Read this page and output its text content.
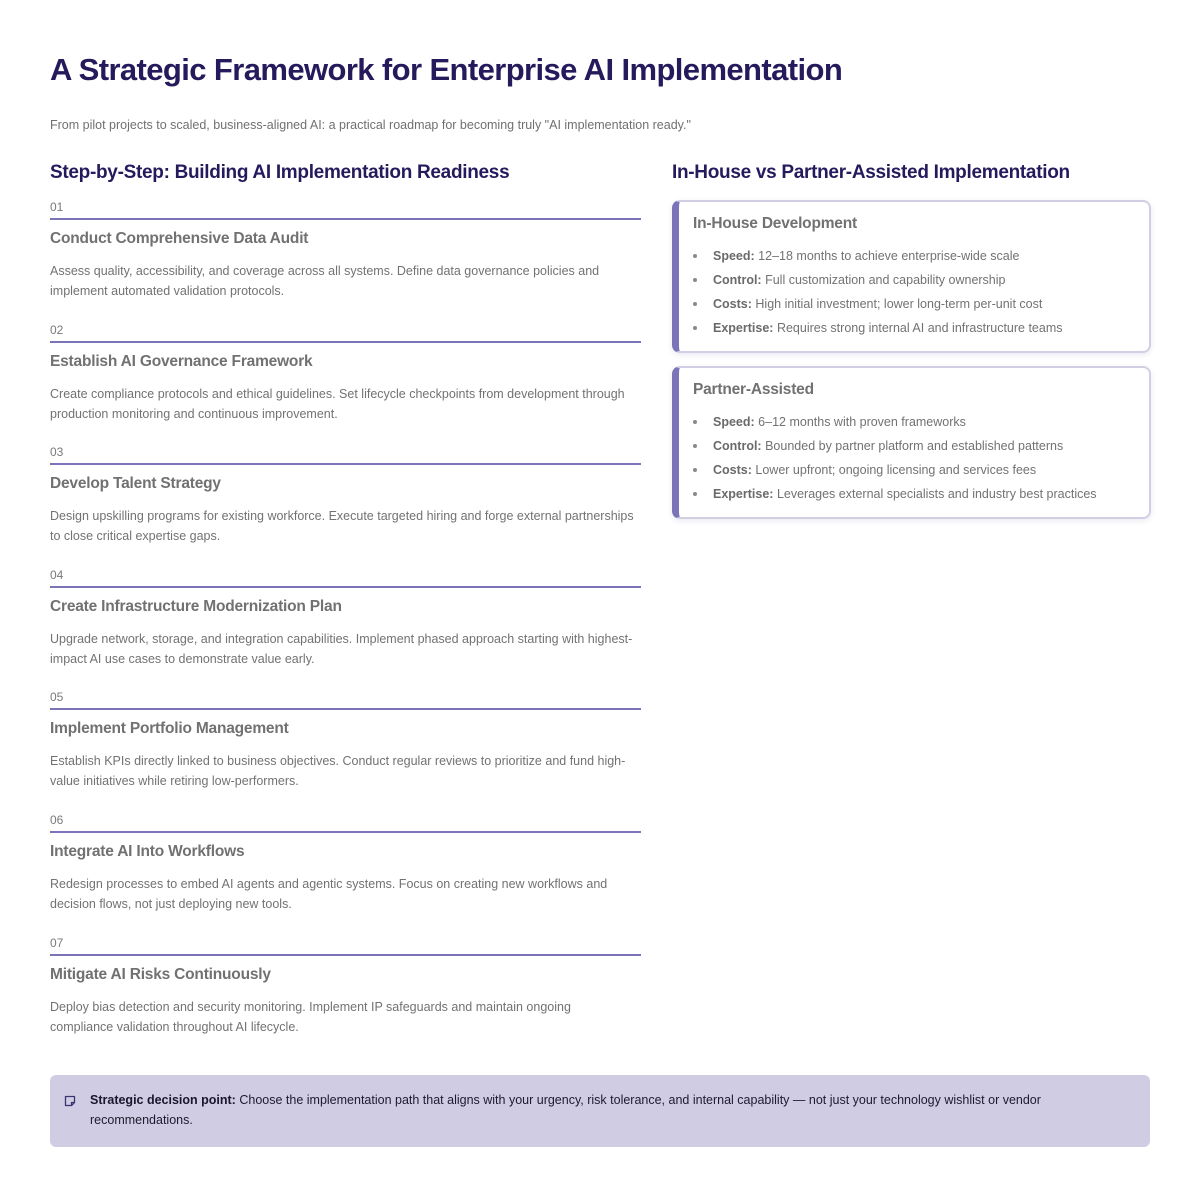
A Strategic Framework for Enterprise AI Implementation

From pilot projects to scaled, business-aligned AI: a practical roadmap for becoming truly "AI implementation ready."

Step-by-Step: Building AI Implementation Readiness
01
Conduct Comprehensive Data Audit

Assess quality, accessibility, and coverage across all systems. Define data governance policies and implement automated validation protocols.

02
Establish AI Governance Framework

Create compliance protocols and ethical guidelines. Set lifecycle checkpoints from development through production monitoring and continuous improvement.

03
Develop Talent Strategy

Design upskilling programs for existing workforce. Execute targeted hiring and forge external partnerships to close critical expertise gaps.

04
Create Infrastructure Modernization Plan

Upgrade network, storage, and integration capabilities. Implement phased approach starting with highest-impact AI use cases to demonstrate value early.

05
Implement Portfolio Management

Establish KPIs directly linked to business objectives. Conduct regular reviews to prioritize and fund high-value initiatives while retiring low-performers.

06
Integrate AI Into Workflows

Redesign processes to embed AI agents and agentic systems. Focus on creating new workflows and decision flows, not just deploying new tools.

07
Mitigate AI Risks Continuously

Deploy bias detection and security monitoring. Implement IP safeguards and maintain ongoing compliance validation throughout AI lifecycle.

In-House vs Partner-Assisted Implementation
In-House Development
Speed: 12–18 months to achieve enterprise-wide scale
Control: Full customization and capability ownership
Costs: High initial investment; lower long-term per-unit cost
Expertise: Requires strong internal AI and infrastructure teams
Partner-Assisted
Speed: 6–12 months with proven frameworks
Control: Bounded by partner platform and established patterns
Costs: Lower upfront; ongoing licensing and services fees
Expertise: Leverages external specialists and industry best practices

Strategic decision point: Choose the implementation path that aligns with your urgency, risk tolerance, and internal capability — not just your technology wishlist or vendor recommendations.
